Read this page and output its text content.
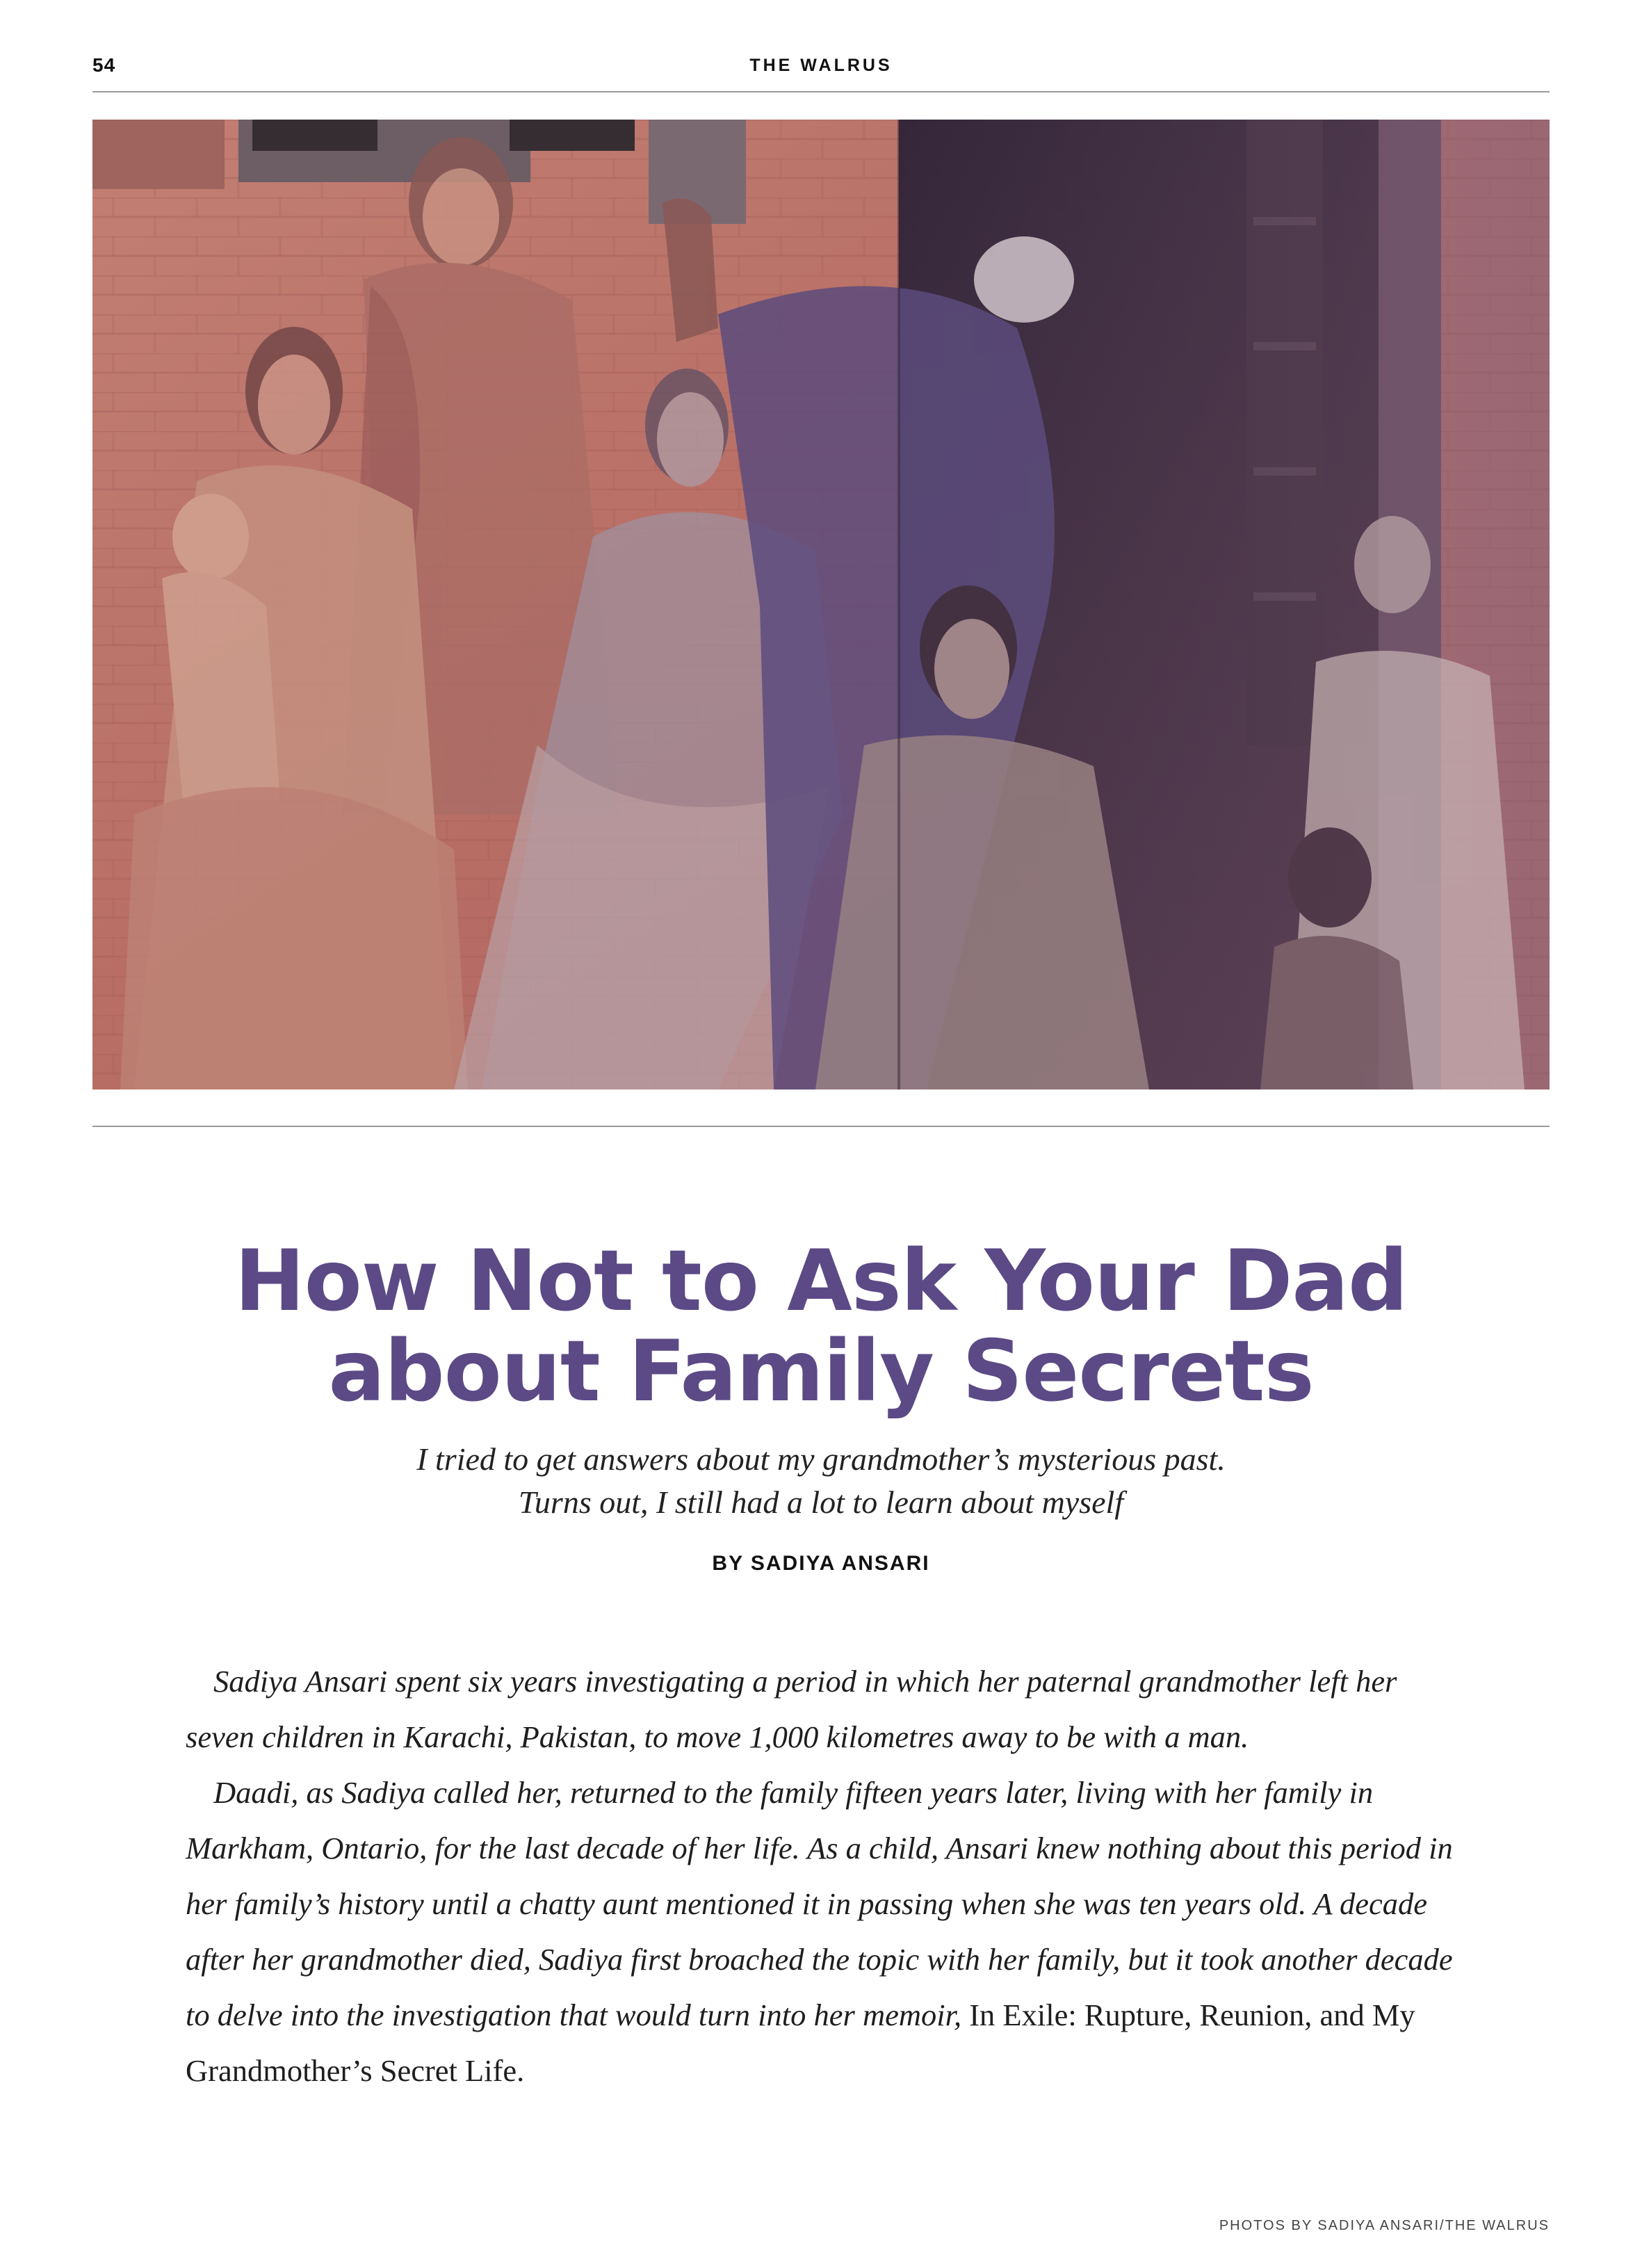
54	THE WALRUS
How Not to Ask Your Dad
about Family Secrets
I tried to get answers about my grandmother’s mysterious past.
Turns out, I still had a lot to learn about myself
BY SADIYA ANSARI

Sadiya Ansari spent six years investigating a period in which her paternal grandmother left her seven children in Karachi, Pakistan, to move 1,000 kilometres away to be with a man.

Daadi, as Sadiya called her, returned to the family fifteen years later, living with her family in Markham, Ontario, for the last decade of her life. As a child, Ansari knew nothing about this period in her family’s history until a chatty aunt mentioned it in passing when she was ten years old. A decade after her grandmother died, Sadiya first broached the topic with her family, but it took another decade to delve into the investigation that would turn into her memoir, In Exile: Rupture, Reunion, and My Grandmother’s Secret Life.

PHOTOS BY SADIYA ANSARI/THE WALRUS
